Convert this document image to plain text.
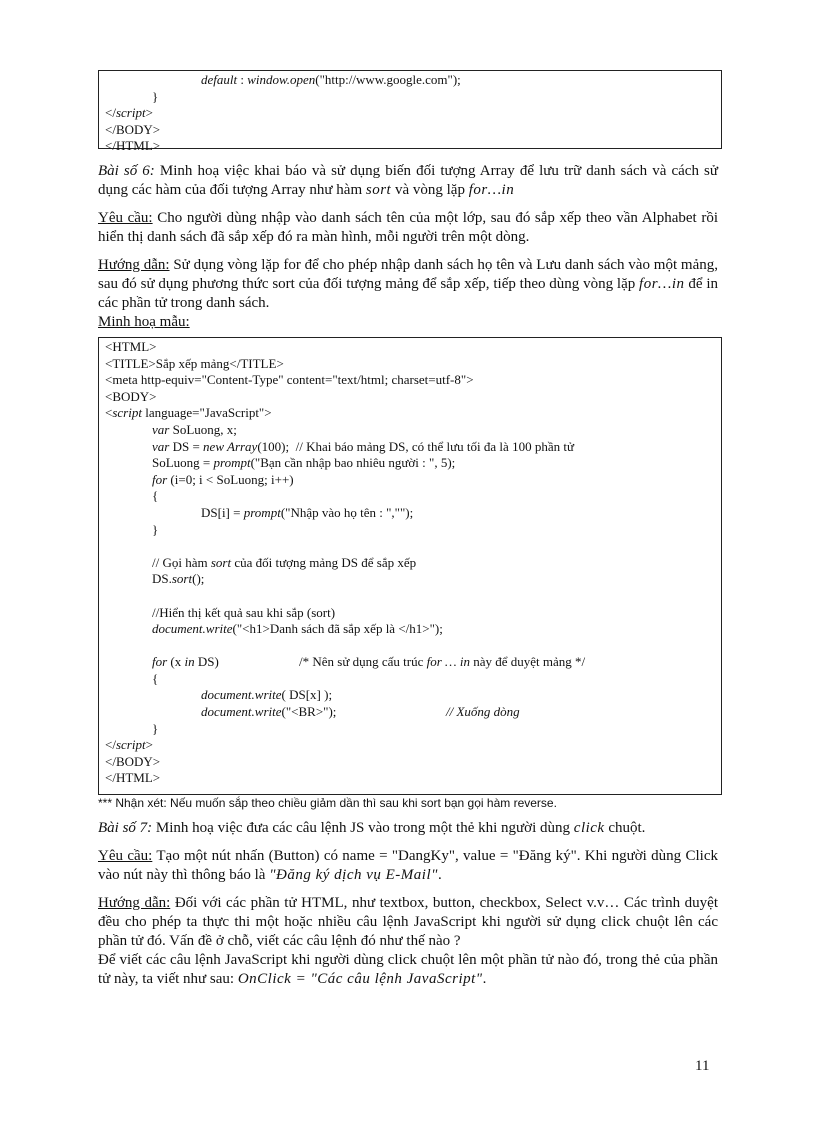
default : window.open("http://www.google.com");
}
</script>
</BODY>
</HTML>
Bài số 6: Minh hoạ việc khai báo và sử dụng biến đối tượng Array để lưu trữ danh sách và cách sử dụng các hàm của đối tượng Array như hàm sort và vòng lặp for…in
Yêu cầu: Cho người dùng nhập vào danh sách tên của một lớp, sau đó sắp xếp theo vần Alphabet rồi hiển thị danh sách đã sắp xếp đó ra màn hình, mỗi người trên một dòng.
Hướng dẫn: Sử dụng vòng lặp for để cho phép nhập danh sách họ tên và Lưu danh sách vào một mảng, sau đó sử dụng phương thức sort của đối tượng mảng để sắp xếp, tiếp theo dùng vòng lặp for…in để in các phần tử trong danh sách.
Minh hoạ mẫu:
<HTML>
<TITLE>Sắp xếp mảng</TITLE>
<meta http-equiv="Content-Type" content="text/html; charset=utf-8">
<BODY>
<script language="JavaScript">
var SoLuong, x;
var DS = new Array(100);  // Khai báo mảng DS, có thể lưu tối đa là 100 phần tử
SoLuong = prompt("Bạn cần nhập bao nhiêu người : ", 5);
for (i=0; i < SoLuong; i++)
{
DS[i] = prompt("Nhập vào họ tên : ","");
}
// Gọi hàm sort của đối tượng mảng DS để sắp xếp
DS.sort();
//Hiển thị kết quả sau khi sắp (sort)
document.write("<h1>Danh sách đã sắp xếp là </h1>");
for (x in DS)	/* Nên sử dụng cấu trúc for … in này để duyệt mảng */
{
document.write( DS[x] );
document.write("<BR>");	// Xuống dòng
}
</script>
</BODY>
</HTML>
*** Nhận xét: Nếu muốn sắp theo chiều giảm dần thì sau khi sort bạn gọi hàm reverse.
Bài số 7: Minh hoạ việc đưa các câu lệnh JS vào trong một thẻ khi người dùng click chuột.
Yêu cầu: Tạo một nút nhấn (Button) có name = "DangKy", value = "Đăng ký". Khi người dùng Click vào nút này thì thông báo là "Đăng ký dịch vụ E-Mail".
Hướng dẫn: Đối với các phần tử HTML, như textbox, button, checkbox, Select v.v… Các trình duyệt đều cho phép ta thực thi một hoặc nhiều câu lệnh JavaScript khi người sử dụng click chuột lên các phần tử đó. Vấn đề ở chỗ, viết các câu lệnh đó như thế nào ?
Để viết các câu lệnh JavaScript khi người dùng click chuột lên một phần tử nào đó, trong thẻ của phần tử này, ta viết như sau: OnClick = "Các câu lệnh JavaScript".
11
